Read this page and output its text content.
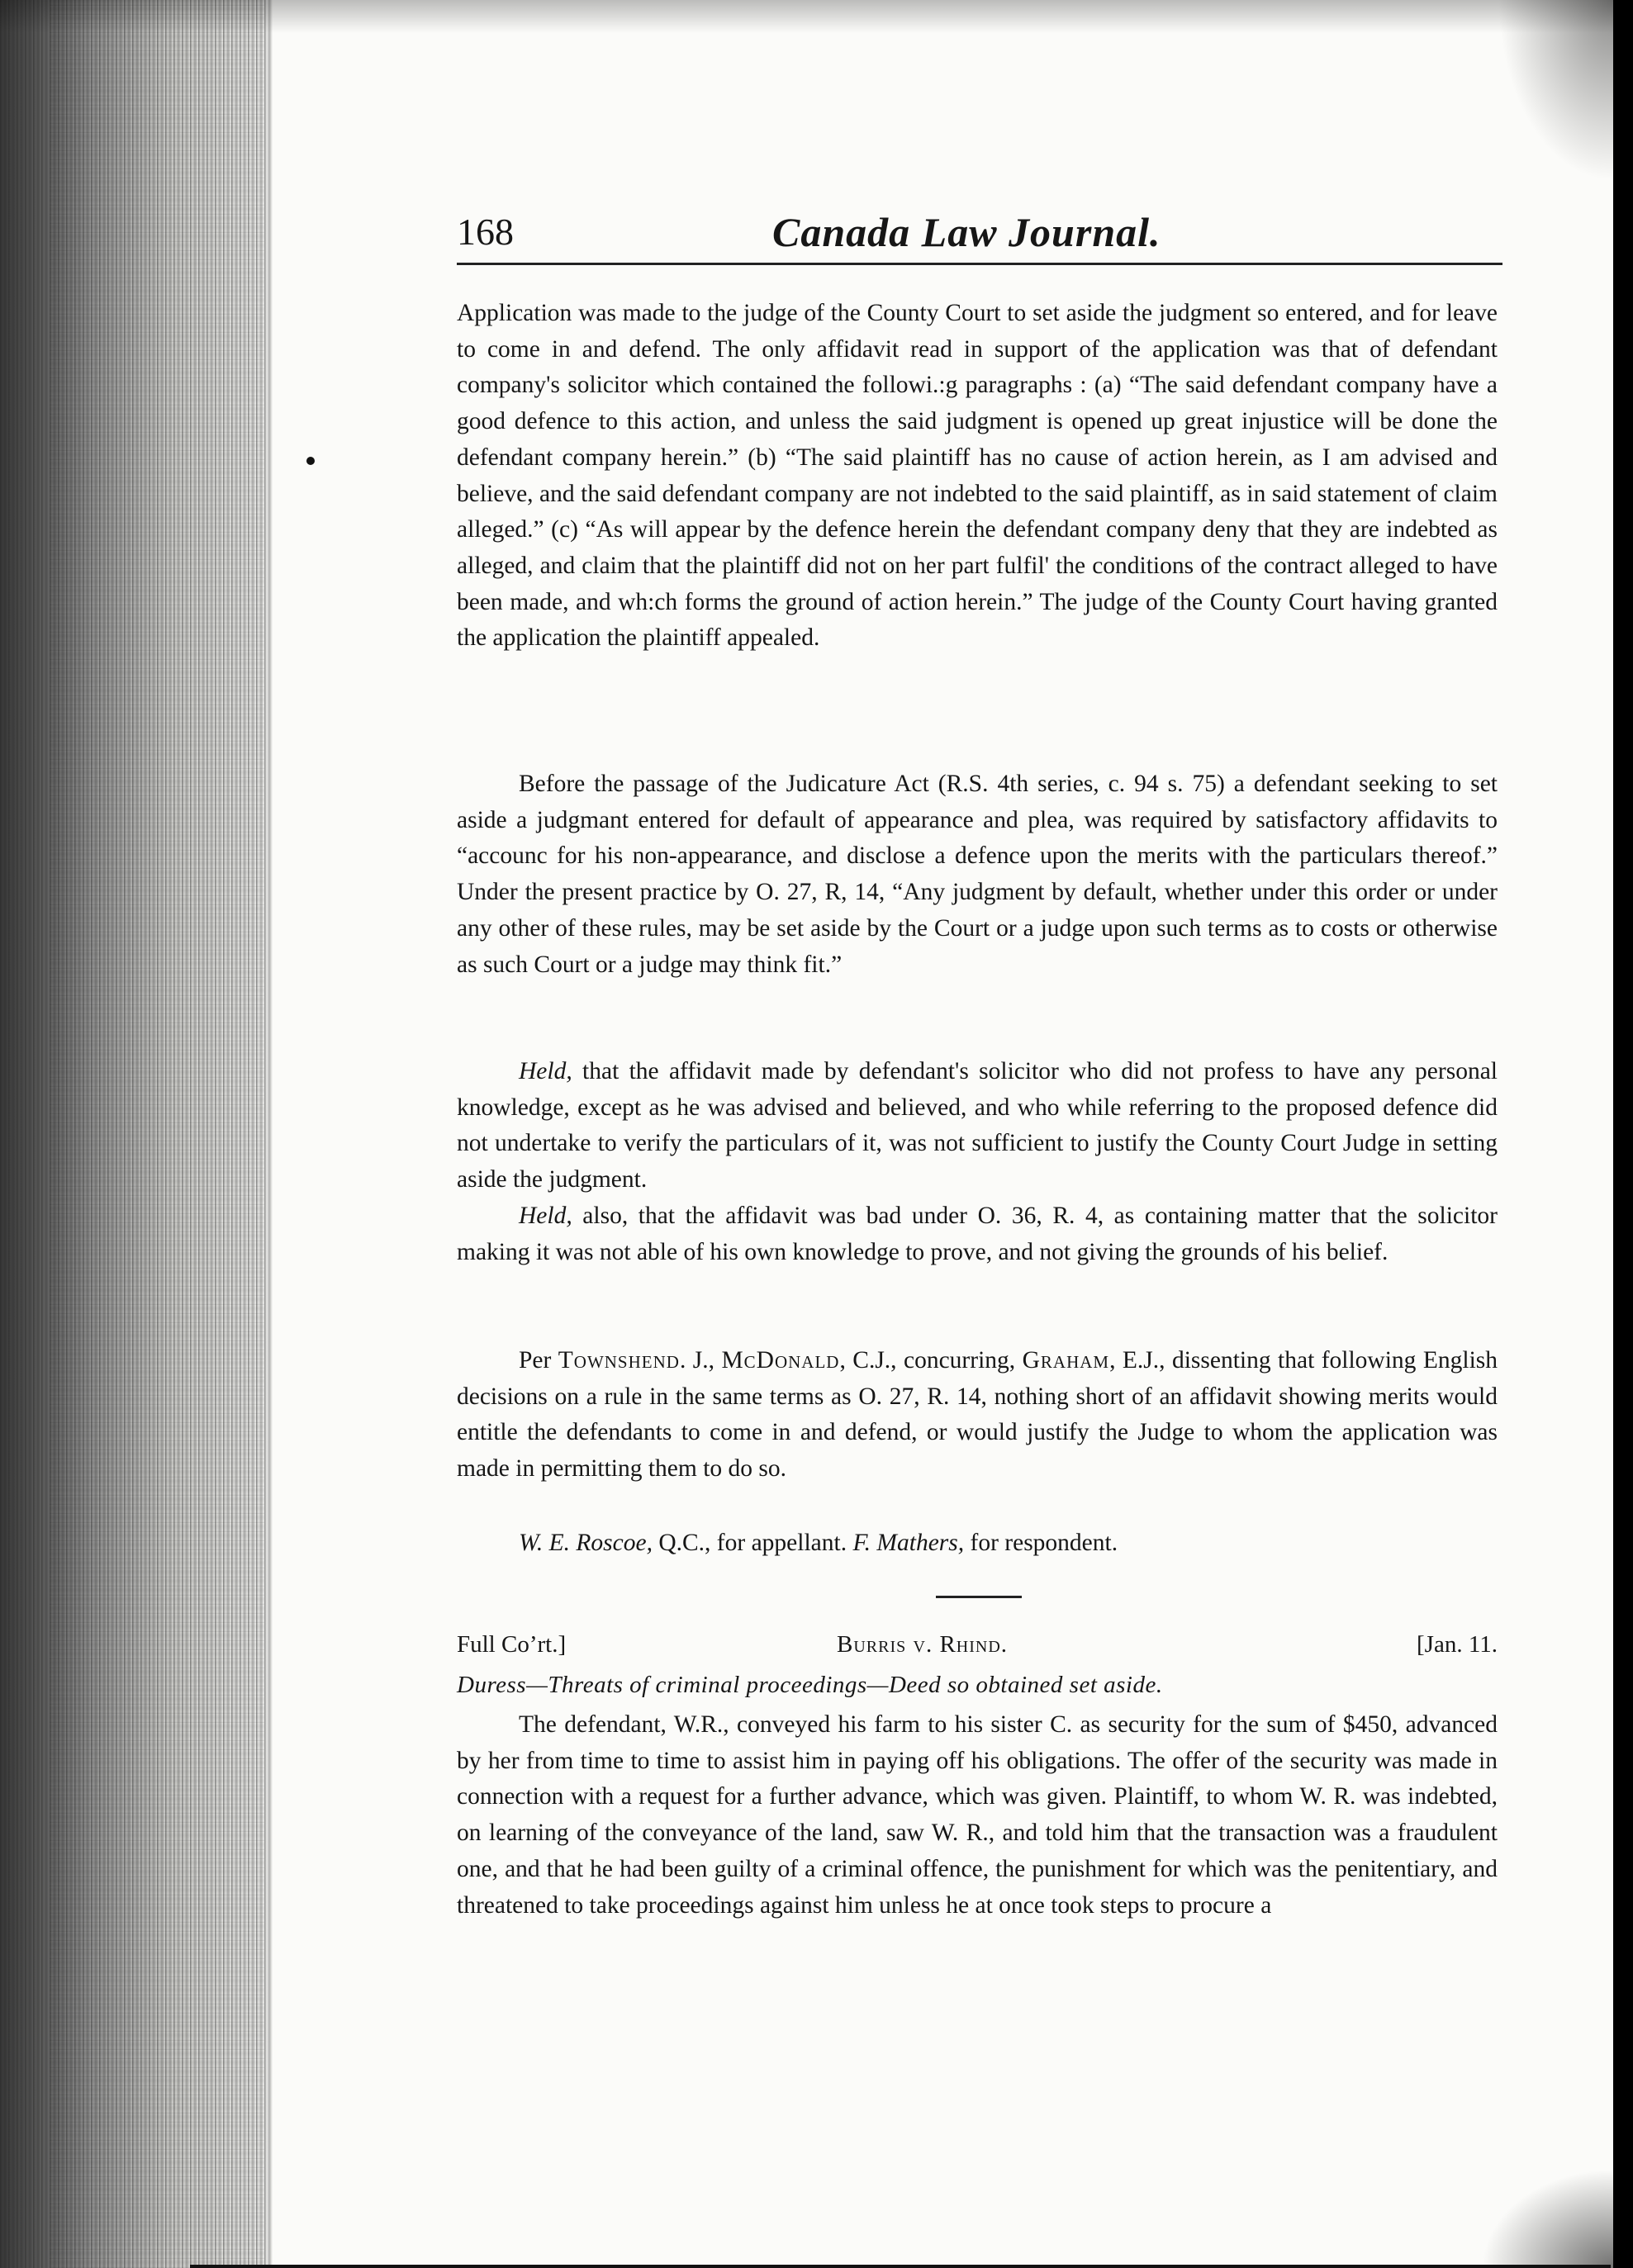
168	Canada Law Journal.

Application was made to the judge of the County Court to set aside the judgment so entered, and for leave to come in and defend. The only affidavit read in support of the application was that of defendant company's solicitor which contained the followi.:g paragraphs : (a) “The said defendant company have a good defence to this action, and unless the said judgment is opened up great injustice will be done the defendant company herein.” (b) “The said plaintiff has no cause of action herein, as I am advised and believe, and the said defendant company are not indebted to the said plaintiff, as in said statement of claim alleged.” (c) “As will appear by the defence herein the defendant company deny that they are indebted as alleged, and claim that the plaintiff did not on her part fulfil' the conditions of the contract alleged to have been made, and wh:ch forms the ground of action herein.” The judge of the County Court having granted the application the plaintiff appealed.

Before the passage of the Judicature Act (R.S. 4th series, c. 94 s. 75) a defendant seeking to set aside a judgmant entered for default of appearance and plea, was required by satisfactory affidavits to “accounc for his non-appearance, and disclose a defence upon the merits with the particulars thereof.” Under the present practice by O. 27, R, 14, “Any judgment by default, whether under this order or under any other of these rules, may be set aside by the Court or a judge upon such terms as to costs or otherwise as such Court or a judge may think fit.”

Held, that the affidavit made by defendant's solicitor who did not profess to have any personal knowledge, except as he was advised and believed, and who while referring to the proposed defence did not undertake to verify the particulars of it, was not sufficient to justify the County Court Judge in setting aside the judgment.

Held, also, that the affidavit was bad under O. 36, R. 4, as containing matter that the solicitor making it was not able of his own knowledge to prove, and not giving the grounds of his belief.

Per Townshend. J., McDonald, C.J., concurring, Graham, E.J., dissenting that following English decisions on a rule in the same terms as O. 27, R. 14, nothing short of an affidavit showing merits would entitle the defendants to come in and defend, or would justify the Judge to whom the application was made in permitting them to do so.

W. E. Roscoe, Q.C., for appellant. F. Mathers, for respondent.

Full Co’rt.]	Burris v. Rhind.	[Jan. 11.
Duress—Threats of criminal proceedings—Deed so obtained set aside.

The defendant, W.R., conveyed his farm to his sister C. as security for the sum of $450, advanced by her from time to time to assist him in paying off his obligations. The offer of the security was made in connection with a request for a further advance, which was given. Plaintiff, to whom W. R. was indebted, on learning of the conveyance of the land, saw W. R., and told him that the transaction was a fraudulent one, and that he had been guilty of a criminal offence, the punishment for which was the penitentiary, and threatened to take proceedings against him unless he at once took steps to procure a
